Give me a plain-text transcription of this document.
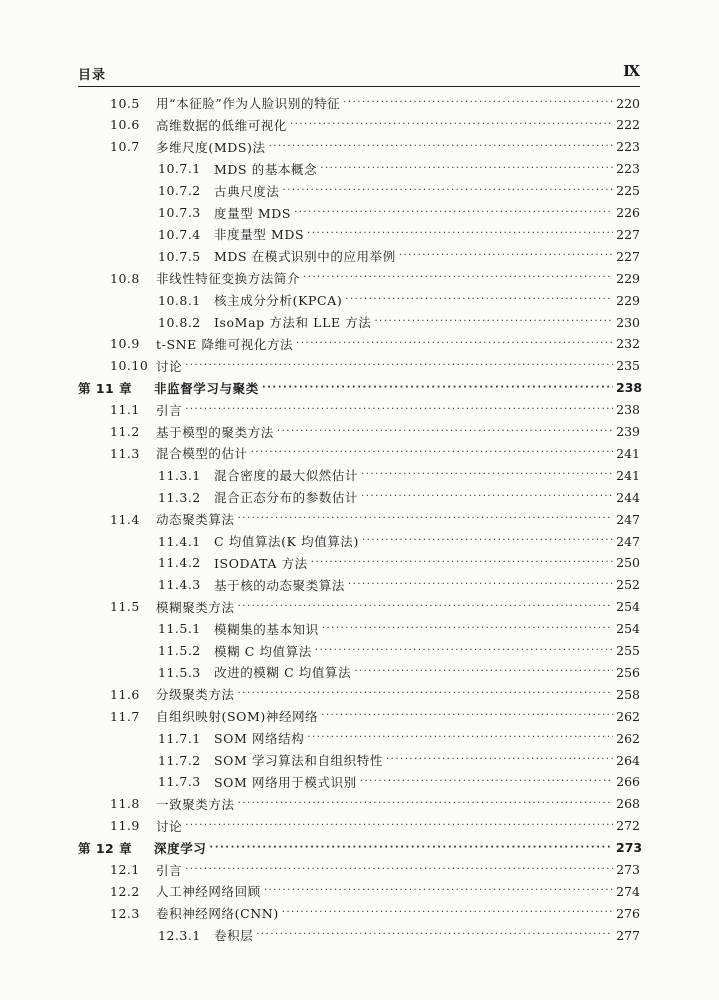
目录	Ⅸ
10.5	用“本征脸”作为人脸识别的特征 ·····	220
10.6	高维数据的低维可视化 ·····	222
10.7	多维尺度(MDS)法 ·····	223
10.7.1	MDS 的基本概念 ·····	223
10.7.2	古典尺度法 ·····	225
10.7.3	度量型 MDS ·····	226
10.7.4	非度量型 MDS ·····	227
10.7.5	MDS 在模式识别中的应用举例 ·····	227
10.8	非线性特征变换方法简介 ·····	229
10.8.1	核主成分分析(KPCA) ·····	229
10.8.2	IsoMap 方法和 LLE 方法 ·····	230
10.9	t-SNE 降维可视化方法 ·····	232
10.10 讨论 ·····	235
第 11 章	非监督学习与聚类 ·····	238
11.1	引言 ·····	238
11.2	基于模型的聚类方法 ·····	239
11.3	混合模型的估计 ·····	241
11.3.1	混合密度的最大似然估计 ·····	241
11.3.2	混合正态分布的参数估计 ·····	244
11.4	动态聚类算法 ·····	247
11.4.1	C 均值算法(K 均值算法) ·····	247
11.4.2	ISODATA 方法 ·····	250
11.4.3	基于核的动态聚类算法 ·····	252
11.5	模糊聚类方法 ·····	254
11.5.1	模糊集的基本知识 ·····	254
11.5.2	模糊 C 均值算法 ·····	255
11.5.3	改进的模糊 C 均值算法 ·····	256
11.6	分级聚类方法 ·····	258
11.7	自组织映射(SOM)神经网络 ·····	262
11.7.1	SOM 网络结构 ·····	262
11.7.2	SOM 学习算法和自组织特性 ·····	264
11.7.3	SOM 网络用于模式识别 ·····	266
11.8	一致聚类方法 ·····	268
11.9	讨论 ·····	272
第 12 章	深度学习 ·····	273
12.1	引言 ·····	273
12.2	人工神经网络回顾 ·····	274
12.3	卷积神经网络(CNN) ·····	276
12.3.1	卷积层 ·····	277
